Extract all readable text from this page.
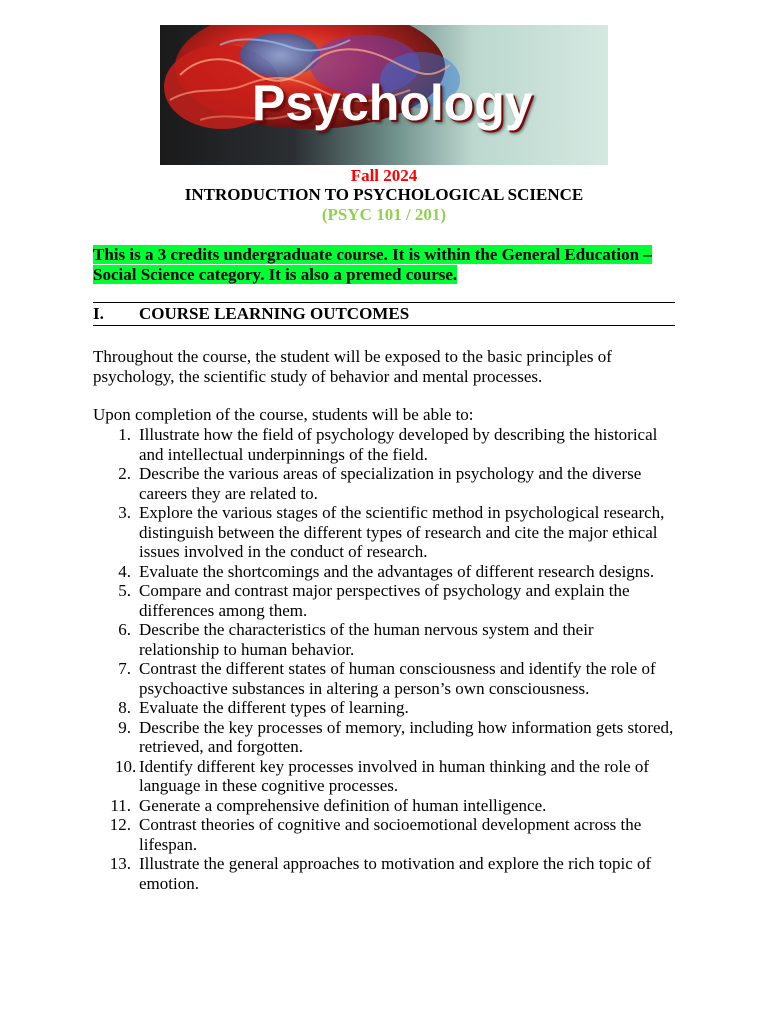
Psychology
Fall 2024
INTRODUCTION TO PSYCHOLOGICAL SCIENCE
(PSYC 101 / 201)
This is a 3 credits undergraduate course. It is within the General Education – Social Science category. It is also a premed course.
I. COURSE LEARNING OUTCOMES
Throughout the course, the student will be exposed to the basic principles of psychology, the scientific study of behavior and mental processes.
Upon completion of the course, students will be able to:
1. Illustrate how the field of psychology developed by describing the historical and intellectual underpinnings of the field.
2. Describe the various areas of specialization in psychology and the diverse careers they are related to.
3. Explore the various stages of the scientific method in psychological research, distinguish between the different types of research and cite the major ethical issues involved in the conduct of research.
4. Evaluate the shortcomings and the advantages of different research designs.
5. Compare and contrast major perspectives of psychology and explain the differences among them.
6. Describe the characteristics of the human nervous system and their relationship to human behavior.
7. Contrast the different states of human consciousness and identify the role of psychoactive substances in altering a person’s own consciousness.
8. Evaluate the different types of learning.
9. Describe the key processes of memory, including how information gets stored, retrieved, and forgotten.
10. Identify different key processes involved in human thinking and the role of language in these cognitive processes.
11. Generate a comprehensive definition of human intelligence.
12. Contrast theories of cognitive and socioemotional development across the lifespan.
13. Illustrate the general approaches to motivation and explore the rich topic of emotion.
